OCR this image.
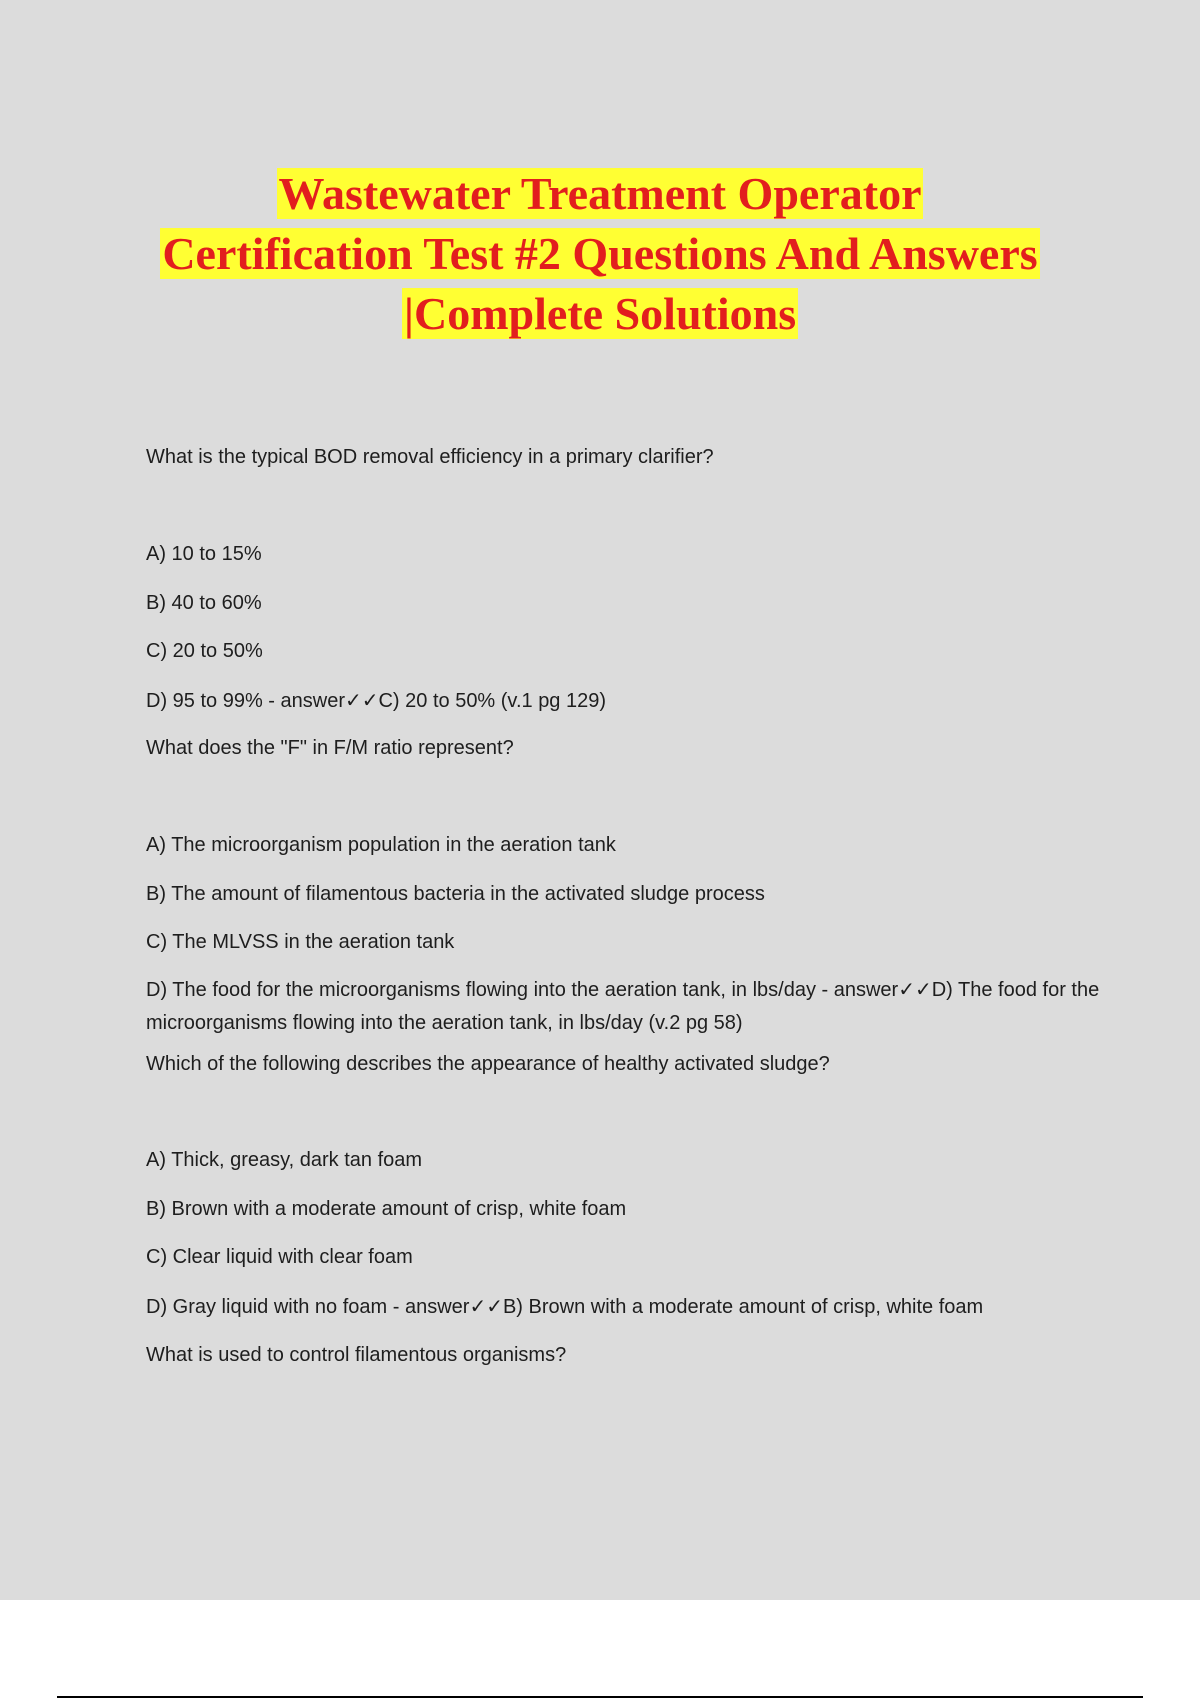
Wastewater Treatment Operator
Certification Test #2 Questions And Answers
|Complete Solutions
What is the typical BOD removal efficiency in a primary clarifier?
A) 10 to 15%
B) 40 to 60%
C) 20 to 50%
D) 95 to 99% - answer✓✓C) 20 to 50% (v.1 pg 129)
What does the "F" in F/M ratio represent?
A) The microorganism population in the aeration tank
B) The amount of filamentous bacteria in the activated sludge process
C) The MLVSS in the aeration tank
D) The food for the microorganisms flowing into the aeration tank, in lbs/day - answer✓✓D) The food for the microorganisms flowing into the aeration tank, in lbs/day (v.2 pg 58)
Which of the following describes the appearance of healthy activated sludge?
A) Thick, greasy, dark tan foam
B) Brown with a moderate amount of crisp, white foam
C) Clear liquid with clear foam
D) Gray liquid with no foam - answer✓✓B) Brown with a moderate amount of crisp, white foam
What is used to control filamentous organisms?
